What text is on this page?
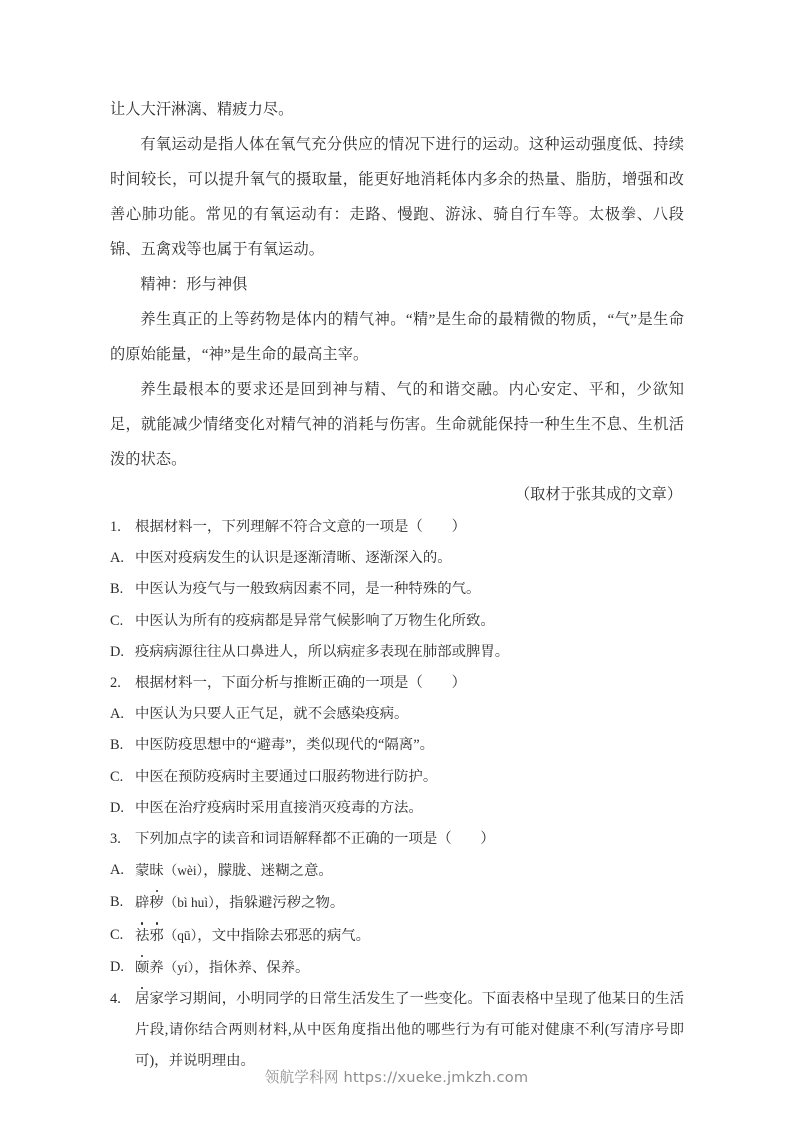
让人大汗淋漓、精疲力尽。

有氧运动是指人体在氧气充分供应的情况下进行的运动。这种运动强度低、持续时间较长，可以提升氧气的摄取量，能更好地消耗体内多余的热量、脂肪，增强和改善心肺功能。常见的有氧运动有：走路、慢跑、游泳、骑自行车等。太极拳、八段锦、五禽戏等也属于有氧运动。

精神：形与神俱

养生真正的上等药物是体内的精气神。“精”是生命的最精微的物质，“气”是生命的原始能量，“神”是生命的最高主宰。

养生最根本的要求还是回到神与精、气的和谐交融。内心安定、平和，少欲知足，就能减少情绪变化对精气神的消耗与伤害。生命就能保持一种生生不息、生机活泼的状态。

（取材于张其成的文章）

1. 根据材料一，下列理解不符合文意的一项是（　　）
A. 中医对疫病发生的认识是逐渐清晰、逐渐深入的。
B. 中医认为疫气与一般致病因素不同，是一种特殊的气。
C. 中医认为所有的疫病都是异常气候影响了万物生化所致。
D. 疫病病源往往从口鼻进人，所以病症多表现在肺部或脾胃。
2. 根据材料一，下面分析与推断正确的一项是（　　）
A. 中医认为只要人正气足，就不会感染疫病。
B. 中医防疫思想中的“避毒”，类似现代的“隔离”。
C. 中医在预防疫病时主要通过口服药物进行防护。
D. 中医在治疗疫病时采用直接消灭疫毒的方法。
3. 下列加点字的读音和词语解释都不正确的一项是（　　）
A. 蒙昧（wèi），朦胧、迷糊之意。
B. 辟秽（bì huì），指躲避污秽之物。
C. 祛邪（qū），文中指除去邪恶的病气。
D. 颐养（yí），指休养、保养。
4. 居家学习期间，小明同学的日常生活发生了一些变化。下面表格中呈现了他某日的生活片段,请你结合两则材料,从中医角度指出他的哪些行为有可能对健康不利(写清序号即可)，并说明理由。
领航学科网 https://xueke.jmkzh.com
